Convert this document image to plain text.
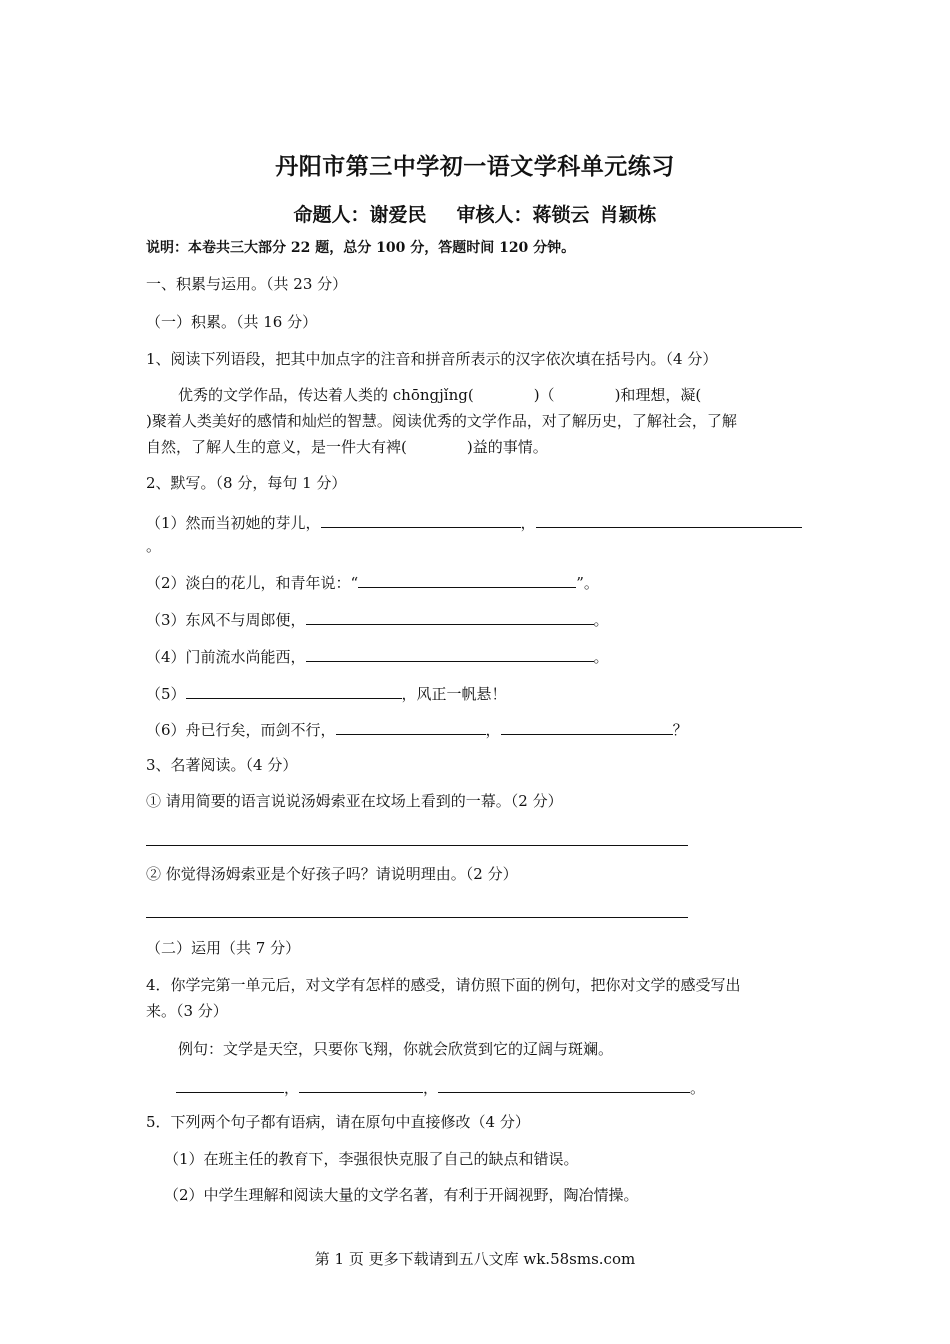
丹阳市第三中学初一语文学科单元练习
命题人：谢爱民 审核人：蒋锁云 肖颖栋
说明：本卷共三大部分 22 题，总分 100 分，答题时间 120 分钟。
一、积累与运用。（共 23 分）
（一）积累。（共 16 分）
1、阅读下列语段，把其中加点字的注音和拼音所表示的汉字依次填在括号内。（4 分）
优秀的文学作品，传达着人类的 chōngjǐng(	)（	)和理想，凝(
)聚着人类美好的感情和灿烂的智慧。阅读优秀的文学作品，对了解历史，了解社会，了解
自然，了解人生的意义，是一件大有裨(	)益的事情。
2、默写。（8 分，每句 1 分）
（1）然而当初她的芽儿，	，
。
（2）淡白的花儿，和青年说：“	”。
（3）东风不与周郎便，	。
（4）门前流水尚能西，	。
（5）	，风正一帆悬！
（6）舟已行矣，而剑不行，	，	？
3、名著阅读。（4 分）
① 请用简要的语言说说汤姆索亚在坟场上看到的一幕。（2 分）
② 你觉得汤姆索亚是个好孩子吗？请说明理由。（2 分）
（二）运用（共 7 分）
4．你学完第一单元后，对文学有怎样的感受，请仿照下面的例句，把你对文学的感受写出
来。（3 分）
例句：文学是天空，只要你飞翔，你就会欣赏到它的辽阔与斑斓。
，	，	。
5．下列两个句子都有语病，请在原句中直接修改（4 分）
（1）在班主任的教育下，李强很快克服了自己的缺点和错误。
（2）中学生理解和阅读大量的文学名著，有利于开阔视野，陶冶情操。
第 1 页 更多下载请到五八文库 wk.58sms.com
